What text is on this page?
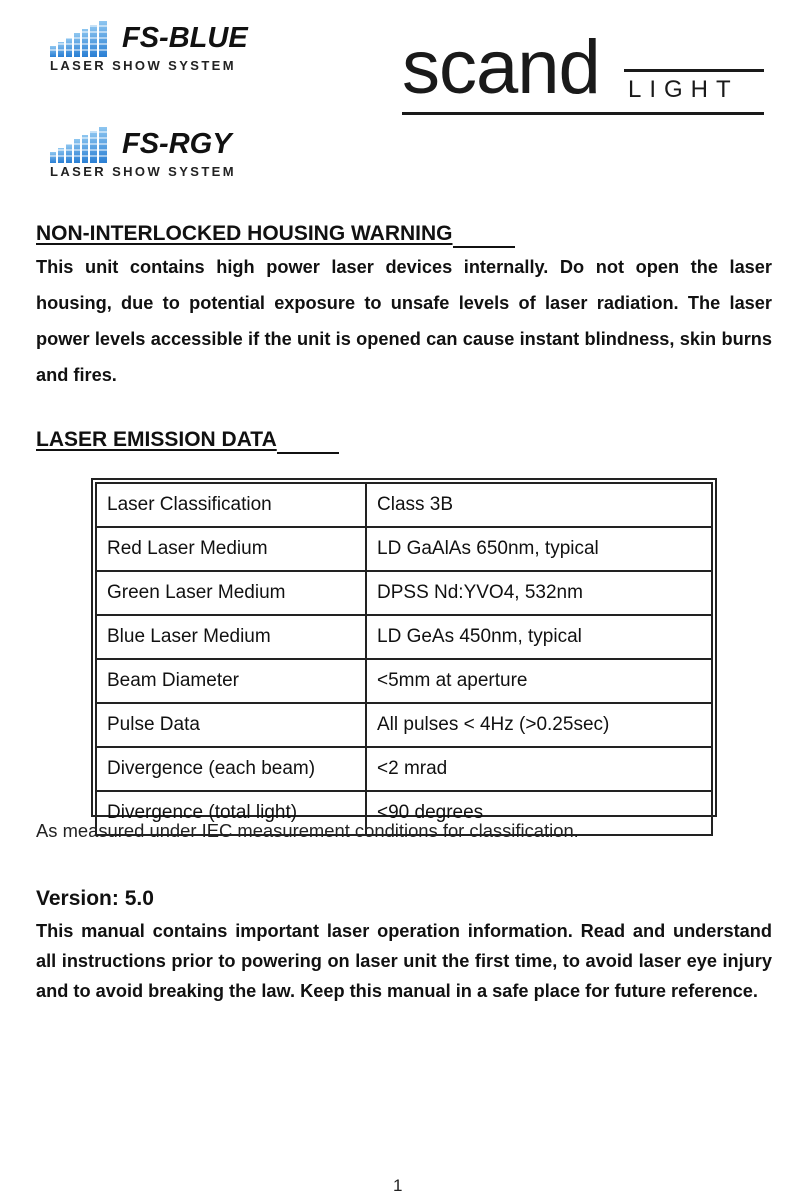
FS-BLUE
LASER SHOW SYSTEM
FS-RGY
LASER SHOW SYSTEM
scand LIGHT
NON-INTERLOCKED HOUSING WARNING
This unit contains high power laser devices internally. Do not open the laser housing, due to potential exposure to unsafe levels of laser radiation. The laser power levels accessible if the unit is opened can cause instant blindness, skin burns and fires.
LASER EMISSION DATA
Laser Classification	Class 3B
Red Laser Medium	LD GaAlAs 650nm, typical
Green Laser Medium	DPSS Nd:YVO4, 532nm
Blue Laser Medium	LD GeAs 450nm, typical
Beam Diameter	<5mm at aperture
Pulse Data	All pulses < 4Hz (>0.25sec)
Divergence (each beam)	<2 mrad
Divergence (total light)	<90 degrees
As measured under IEC measurement conditions for classification.
Version: 5.0
This manual contains important laser operation information. Read and understand all instructions prior to powering on laser unit the first time, to avoid laser eye injury and to avoid breaking the law. Keep this manual in a safe place for future reference.
1
